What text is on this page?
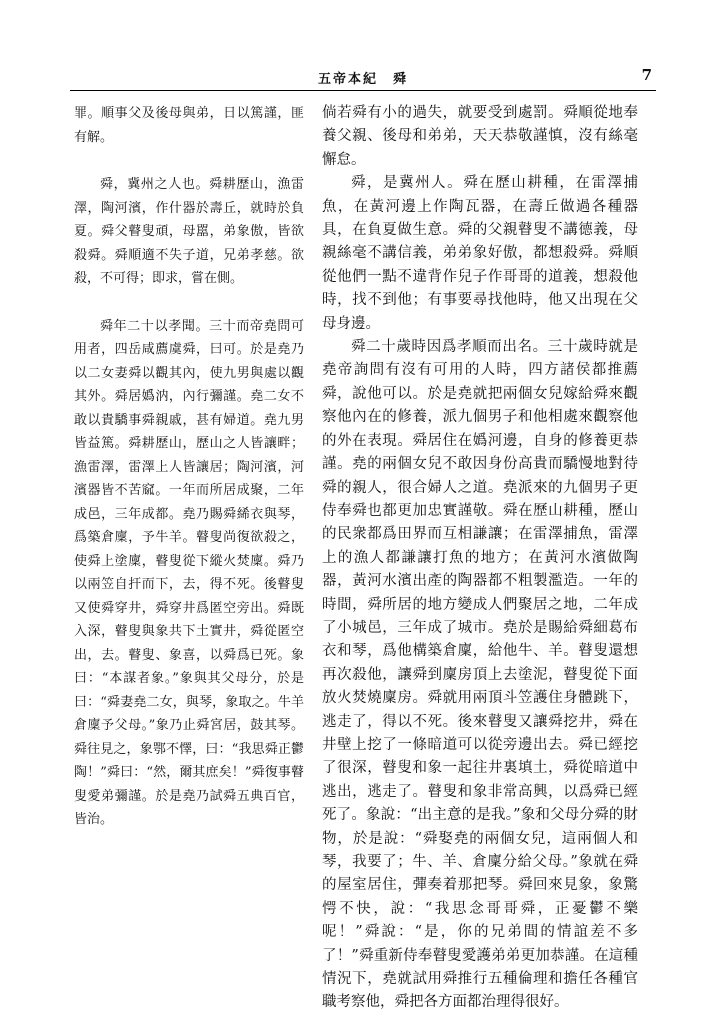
五帝本紀　舜	7

罪。順事父及後母與弟，日以篤謹，匪有解。

舜，冀州之人也。舜耕歷山，漁雷澤，陶河濱，作什器於壽丘，就時於負夏。舜父瞽叟頑，母嚚，弟象傲，皆欲殺舜。舜順適不失子道，兄弟孝慈。欲殺，不可得；即求，嘗在側。

舜年二十以孝聞。三十而帝堯問可用者，四岳咸薦虞舜，曰可。於是堯乃以二女妻舜以觀其內，使九男與處以觀其外。舜居嬀汭，內行彌謹。堯二女不敢以貴驕事舜親戚，甚有婦道。堯九男皆益篤。舜耕歷山，歷山之人皆讓畔；漁雷澤，雷澤上人皆讓居；陶河濱，河濱器皆不苦窳。一年而所居成聚，二年成邑，三年成都。堯乃賜舜絺衣與琴，爲築倉廩，予牛羊。瞽叟尚復欲殺之，使舜上塗廩，瞽叟從下縱火焚廩。舜乃以兩笠自扞而下，去，得不死。後瞽叟又使舜穿井，舜穿井爲匿空旁出。舜既入深，瞽叟與象共下土實井，舜從匿空出，去。瞽叟、象喜，以舜爲已死。象曰：“本謀者象。”象與其父母分，於是曰：“舜妻堯二女，與琴，象取之。牛羊倉廩予父母。”象乃止舜宮居，鼓其琴。舜往見之，象鄂不懌，曰：“我思舜正鬱陶！”舜曰：“然，爾其庶矣！”舜復事瞽叟愛弟彌謹。於是堯乃試舜五典百官，皆治。

倘若舜有小的過失，就要受到處罰。舜順從地奉養父親、後母和弟弟，天天恭敬謹慎，沒有絲毫懈怠。

舜，是冀州人。舜在歷山耕種，在雷澤捕魚，在黃河邊上作陶瓦器，在壽丘做過各種器具，在負夏做生意。舜的父親瞽叟不講德義，母親絲毫不講信義，弟弟象好傲，都想殺舜。舜順從他們一點不違背作兒子作哥哥的道義，想殺他時，找不到他；有事要尋找他時，他又出現在父母身邊。

舜二十歲時因爲孝順而出名。三十歲時就是堯帝詢問有沒有可用的人時，四方諸侯都推薦舜，說他可以。於是堯就把兩個女兒嫁給舜來觀察他內在的修養，派九個男子和他相處來觀察他的外在表現。舜居住在嬀河邊，自身的修養更恭謹。堯的兩個女兒不敢因身份高貴而驕慢地對待舜的親人，很合婦人之道。堯派來的九個男子更侍奉舜也都更加忠實謹敬。舜在歷山耕種，歷山的民衆都爲田界而互相謙讓；在雷澤捕魚，雷澤上的漁人都謙讓打魚的地方；在黃河水濱做陶器，黃河水濱出產的陶器都不粗製濫造。一年的時間，舜所居的地方變成人們聚居之地，二年成了小城邑，三年成了城市。堯於是賜給舜細葛布衣和琴，爲他構築倉廩，給他牛、羊。瞽叟還想再次殺他，讓舜到廩房頂上去塗泥，瞽叟從下面放火焚燒廩房。舜就用兩頂斗笠護住身體跳下，逃走了，得以不死。後來瞽叟又讓舜挖井，舜在井壁上挖了一條暗道可以從旁邊出去。舜已經挖了很深，瞽叟和象一起往井裏填土，舜從暗道中逃出，逃走了。瞽叟和象非常高興，以爲舜已經死了。象說：“出主意的是我。”象和父母分舜的財物，於是說：“舜娶堯的兩個女兒，這兩個人和琴，我要了；牛、羊、倉廩分給父母。”象就在舜的屋室居住，彈奏着那把琴。舜回來見象，象驚愕不快，說：“我思念哥哥舜，正憂鬱不樂呢！”舜說：“是，你的兄弟間的情誼差不多了！”舜重新侍奉瞽叟愛護弟弟更加恭謹。在這種情況下，堯就試用舜推行五種倫理和擔任各種官職考察他，舜把各方面都治理得很好。
